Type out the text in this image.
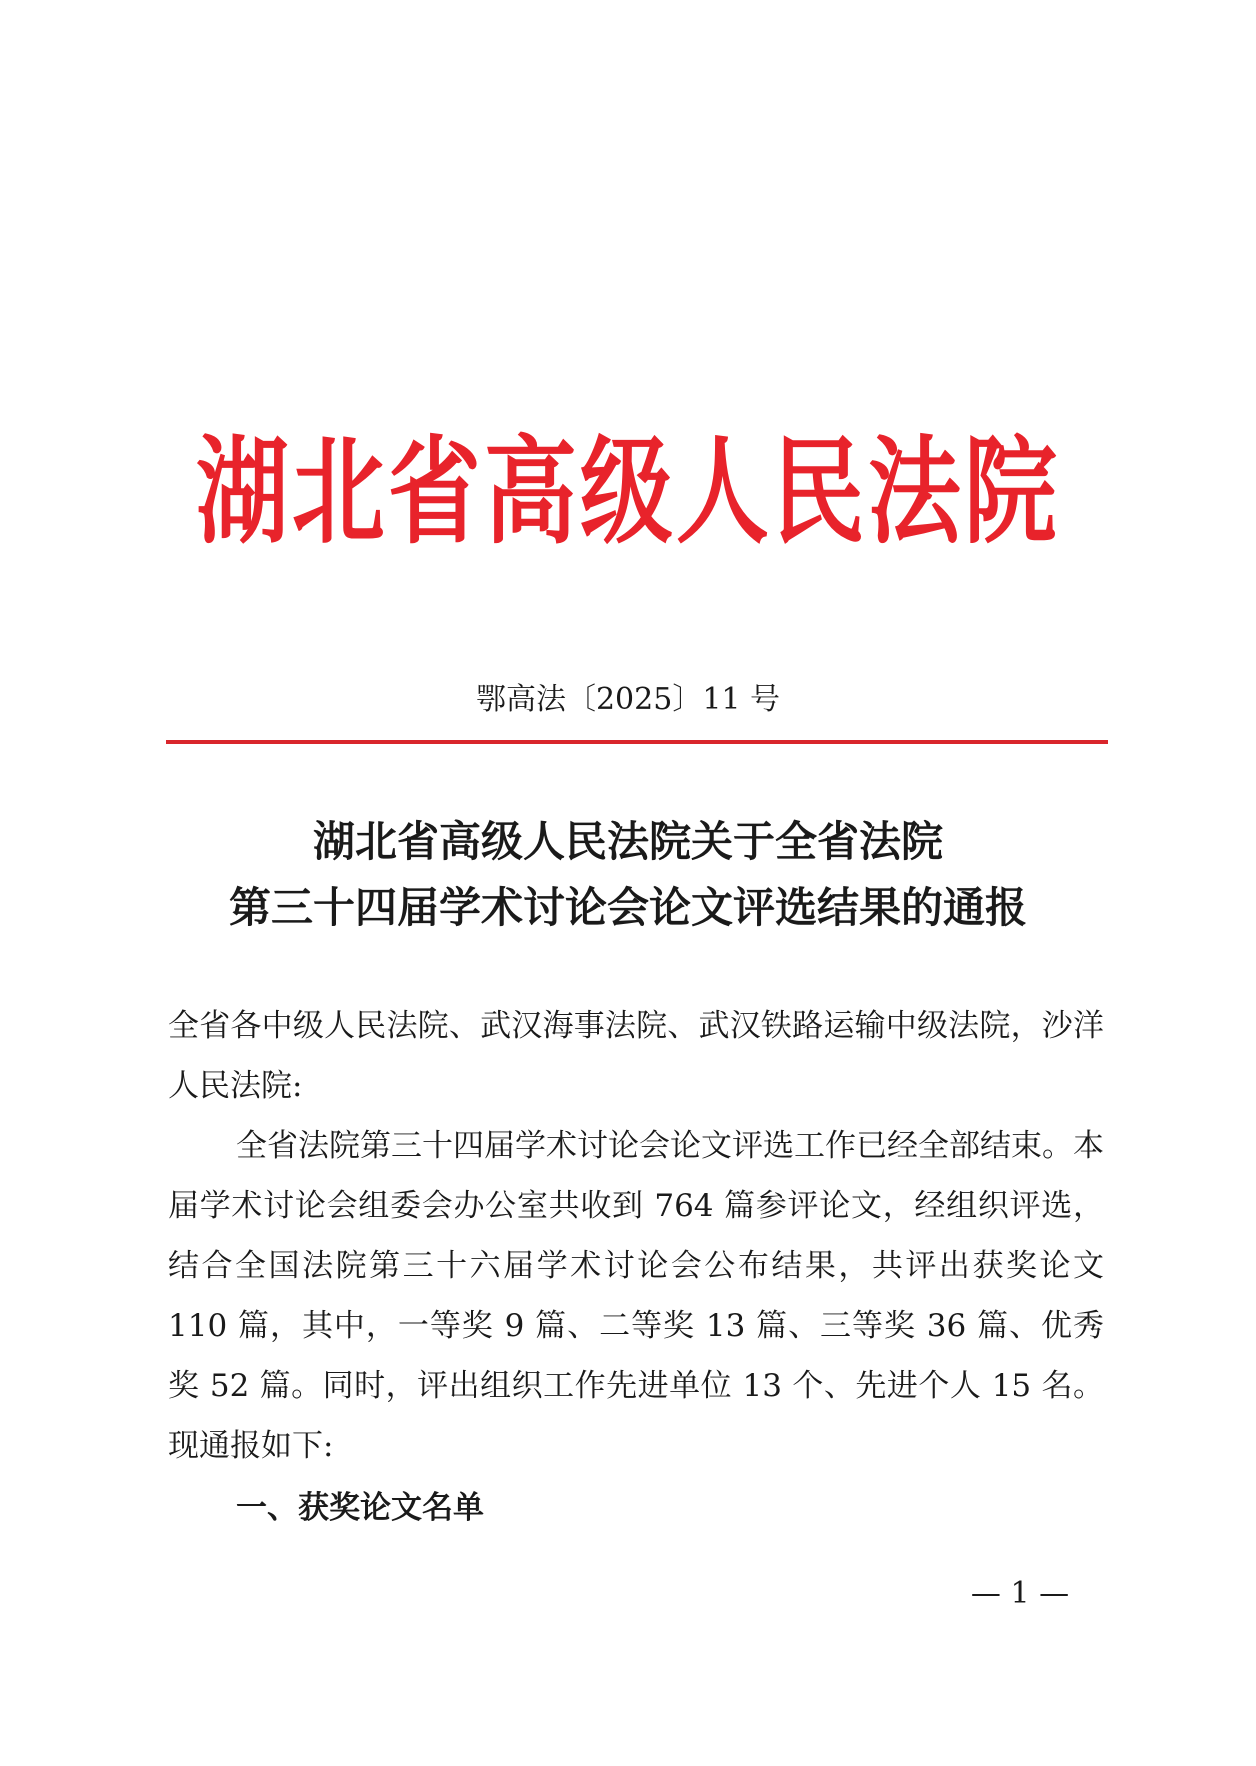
湖北省高级人民法院
鄂高法〔2025〕11 号
湖北省高级人民法院关于全省法院
第三十四届学术讨论会论文评选结果的通报
全省各中级人民法院、武汉海事法院、武汉铁路运输中级法院，沙洋人民法院:
全省法院第三十四届学术讨论会论文评选工作已经全部结束。本届学术讨论会组委会办公室共收到 764 篇参评论文，经组织评选，结合全国法院第三十六届学术讨论会公布结果，共评出获奖论文 110 篇，其中，一等奖 9 篇、二等奖 13 篇、三等奖 36 篇、优秀奖 52 篇。同时，评出组织工作先进单位 13 个、先进个人 15 名。现通报如下:
一、获奖论文名单
— 1 —
